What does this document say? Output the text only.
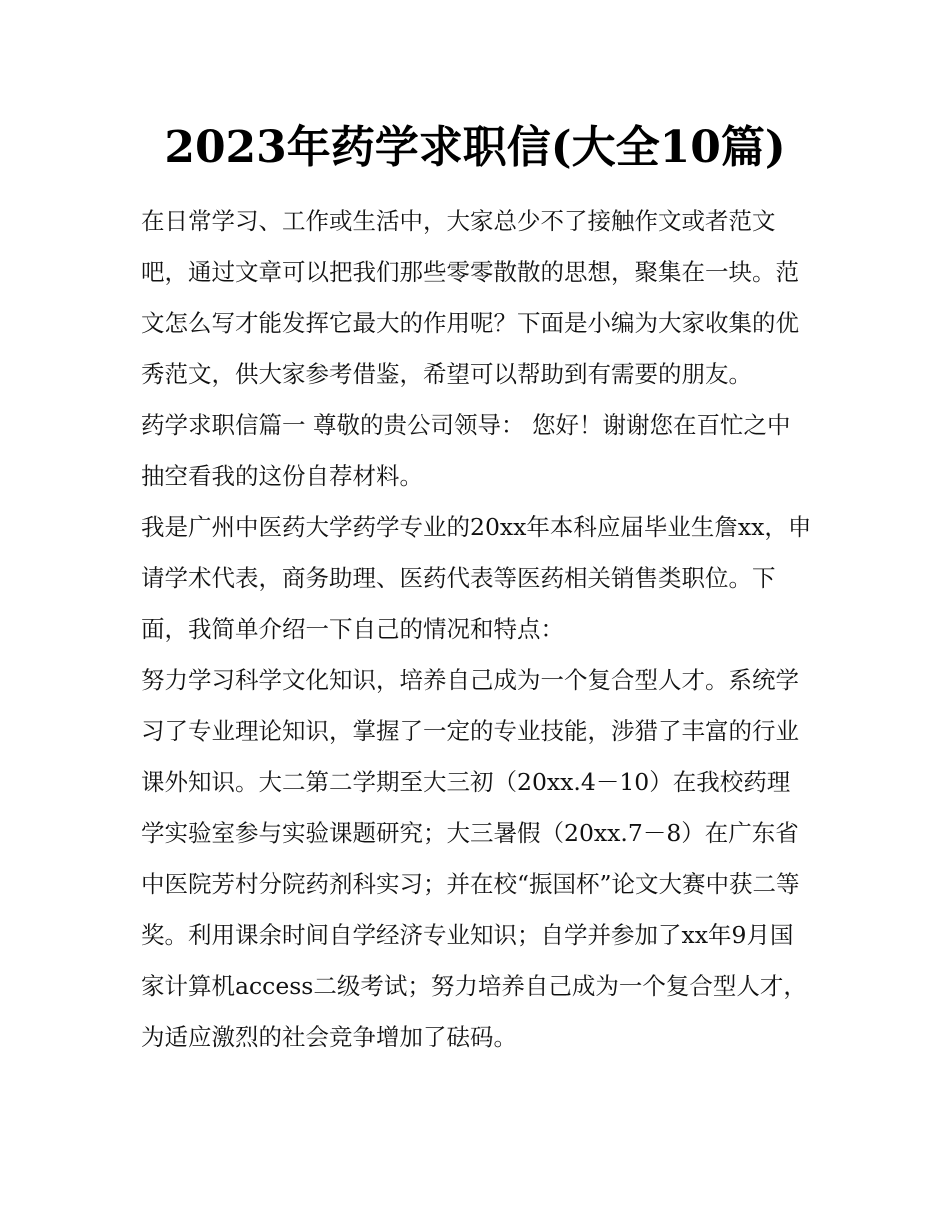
2023年药学求职信(大全10篇)

在日常学习、工作或生活中，大家总少不了接触作文或者范文吧，通过文章可以把我们那些零零散散的思想，聚集在一块。范文怎么写才能发挥它最大的作用呢？下面是小编为大家收集的优秀范文，供大家参考借鉴，希望可以帮助到有需要的朋友。

药学求职信篇一 尊敬的贵公司领导： 您好！谢谢您在百忙之中抽空看我的这份自荐材料。

我是广州中医药大学药学专业的20xx年本科应届毕业生詹xx，申请学术代表，商务助理、医药代表等医药相关销售类职位。下面，我简单介绍一下自己的情况和特点：

努力学习科学文化知识，培养自己成为一个复合型人才。系统学习了专业理论知识，掌握了一定的专业技能，涉猎了丰富的行业课外知识。大二第二学期至大三初（20xx.4－10）在我校药理学实验室参与实验课题研究；大三暑假（20xx.7－8）在广东省中医院芳村分院药剂科实习；并在校“振国杯”论文大赛中获二等奖。利用课余时间自学经济专业知识；自学并参加了xx年9月国家计算机access二级考试；努力培养自己成为一个复合型人才，为适应激烈的社会竞争增加了砝码。
